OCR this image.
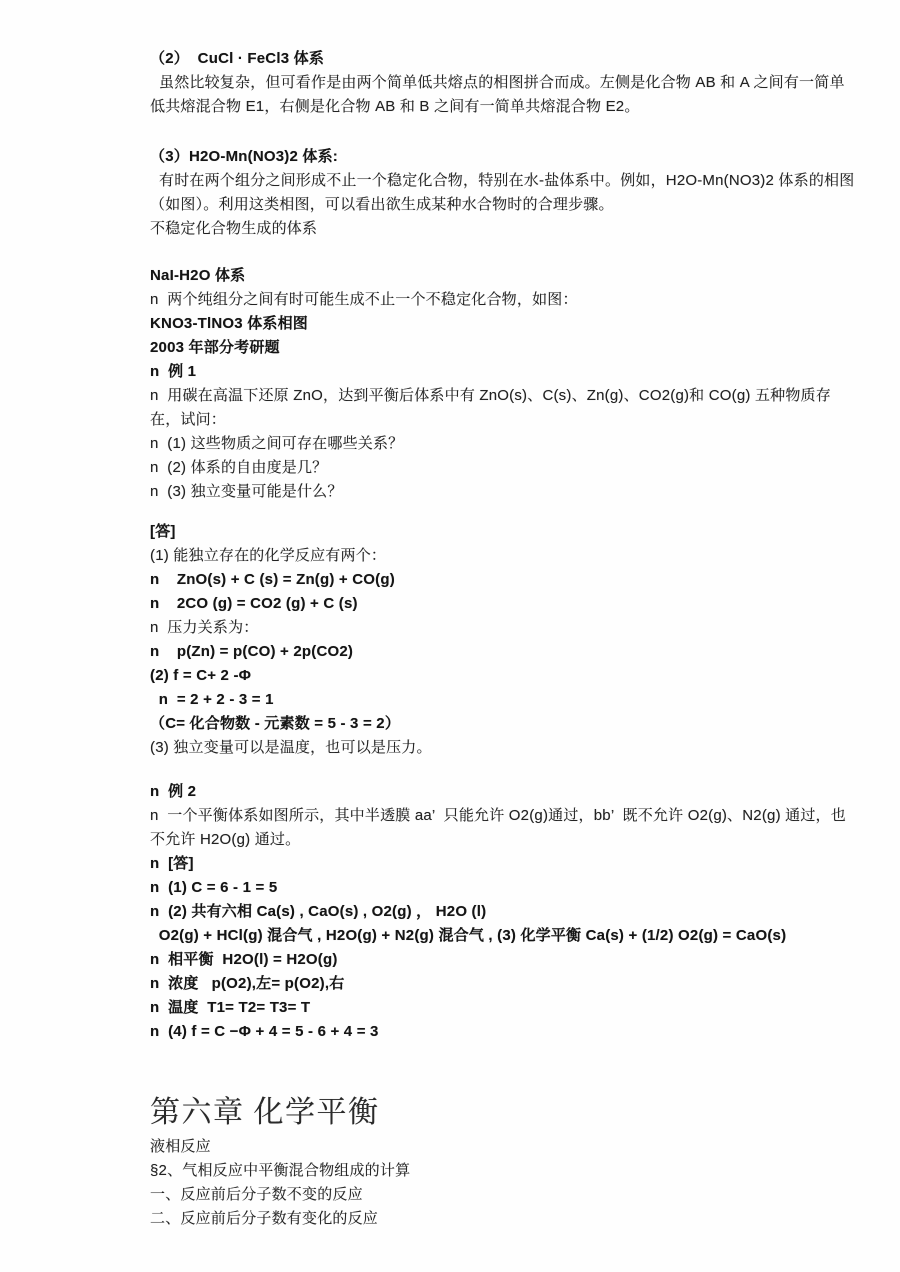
（2）  CuCl · FeCl3 体系
虽然比较复杂，但可看作是由两个简单低共熔点的相图拼合而成。左侧是化合物 AB 和 A 之间有一简单低共熔混合物 E1，右侧是化合物 AB 和 B 之间有一简单共熔混合物 E2。
（3）H2O-Mn(NO3)2 体系:
有时在两个组分之间形成不止一个稳定化合物，特别在水-盐体系中。例如，H2O-Mn(NO3)2 体系的相图（如图）。利用这类相图，可以看出欲生成某种水合物时的合理步骤。
不稳定化合物生成的体系
NaI-H2O 体系
n  两个纯组分之间有时可能生成不止一个不稳定化合物，如图：
KNO3-TlNO3 体系相图
2003 年部分考研题
n  例 1
n  用碳在高温下还原 ZnO，达到平衡后体系中有 ZnO(s)、C(s)、Zn(g)、CO2(g)和 CO(g) 五种物质存在，试问：
n  (1) 这些物质之间可存在哪些关系？
n  (2) 体系的自由度是几？
n  (3) 独立变量可能是什么？
[答]
(1) 能独立存在的化学反应有两个：
n    ZnO(s) + C (s) = Zn(g) + CO(g)
n    2CO (g) = CO2 (g) + C (s)
n  压力关系为：
n    p(Zn) = p(CO) + 2p(CO2)
(2) f = C+ 2 -Φ
n  = 2 + 2 - 3 = 1
（C= 化合物数 - 元素数 = 5 - 3 = 2）
(3) 独立变量可以是温度，也可以是压力。
n  例 2
n  一个平衡体系如图所示，其中半透膜 aa’  只能允许 O2(g)通过，bb’  既不允许 O2(g)、N2(g) 通过，也不允许 H2O(g) 通过。
n  [答]
n  (1) C = 6 - 1 = 5
n  (2) 共有六相 Ca(s) , CaO(s) , O2(g) ， H2O (l)
O2(g) + HCl(g) 混合气 , H2O(g) + N2(g) 混合气 , (3) 化学平衡 Ca(s) + (1/2) O2(g) = CaO(s)
n  相平衡  H2O(l) = H2O(g)
n  浓度   p(O2),左= p(O2),右
n  温度  T1= T2= T3= T
n  (4) f = C −Φ + 4 = 5 - 6 + 4 = 3
第六章 化学平衡
液相反应
§2、气相反应中平衡混合物组成的计算
一、反应前后分子数不变的反应
二、反应前后分子数有变化的反应
